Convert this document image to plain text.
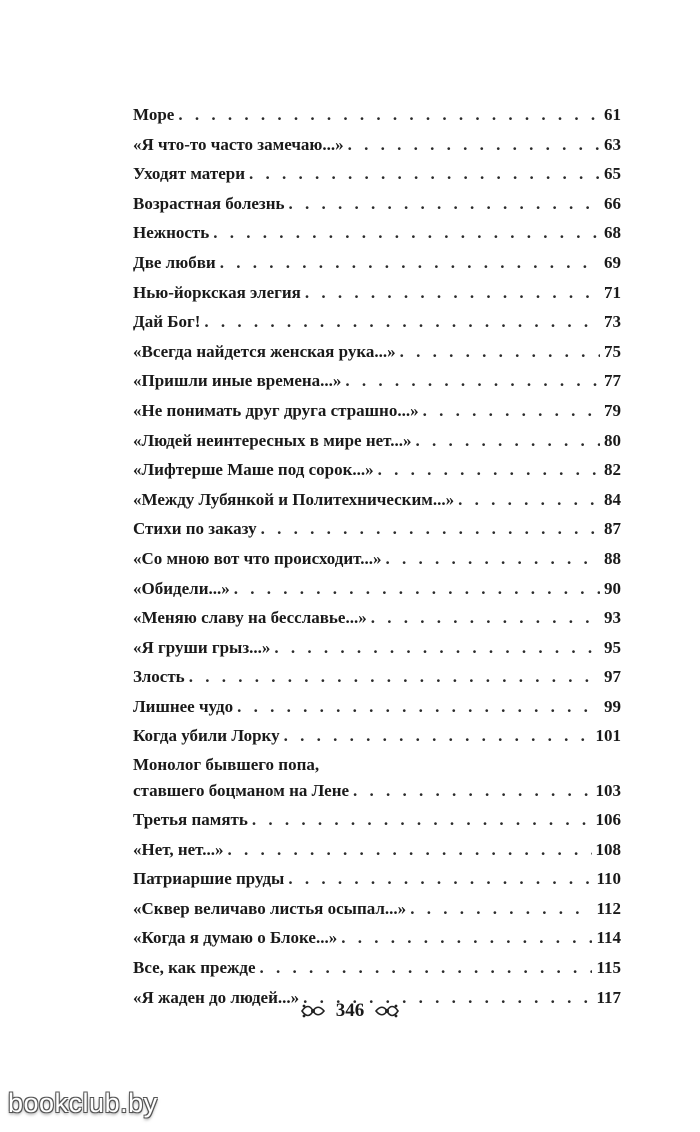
Море . . .	61
«Я что-то часто замечаю...» . . .	63
Уходят матери . . .	65
Возрастная болезнь . . .	66
Нежность . . .	68
Две любви . . .	69
Нью-йоркская элегия . . .	71
Дай Бог! . . .	73
«Всегда найдется женская рука...» . . .	75
«Пришли иные времена...» . . .	77
«Не понимать друг друга страшно...» . . .	79
«Людей неинтересных в мире нет...» . . .	80
«Лифтерше Маше под сорок...» . . .	82
«Между Лубянкой и Политехническим...» . . .	84
Стихи по заказу . . .	87
«Со мною вот что происходит...» . . .	88
«Обидели...» . . .	90
«Меняю славу на бесславье...» . . .	93
«Я груши грыз...» . . .	95
Злость . . .	97
Лишнее чудо . . .	99
Когда убили Лорку . . .	101
Монолог бывшего попа,
ставшего боцманом на Лене . . .	103
Третья память . . .	106
«Нет, нет...» . . .	108
Патриаршие пруды . . .	110
«Сквер величаво листья осыпал...» . . .	112
«Когда я думаю о Блоке...» . . .	114
Все, как прежде . . .	115
«Я жаден до людей...» . . .	117
346
bookclub.by
